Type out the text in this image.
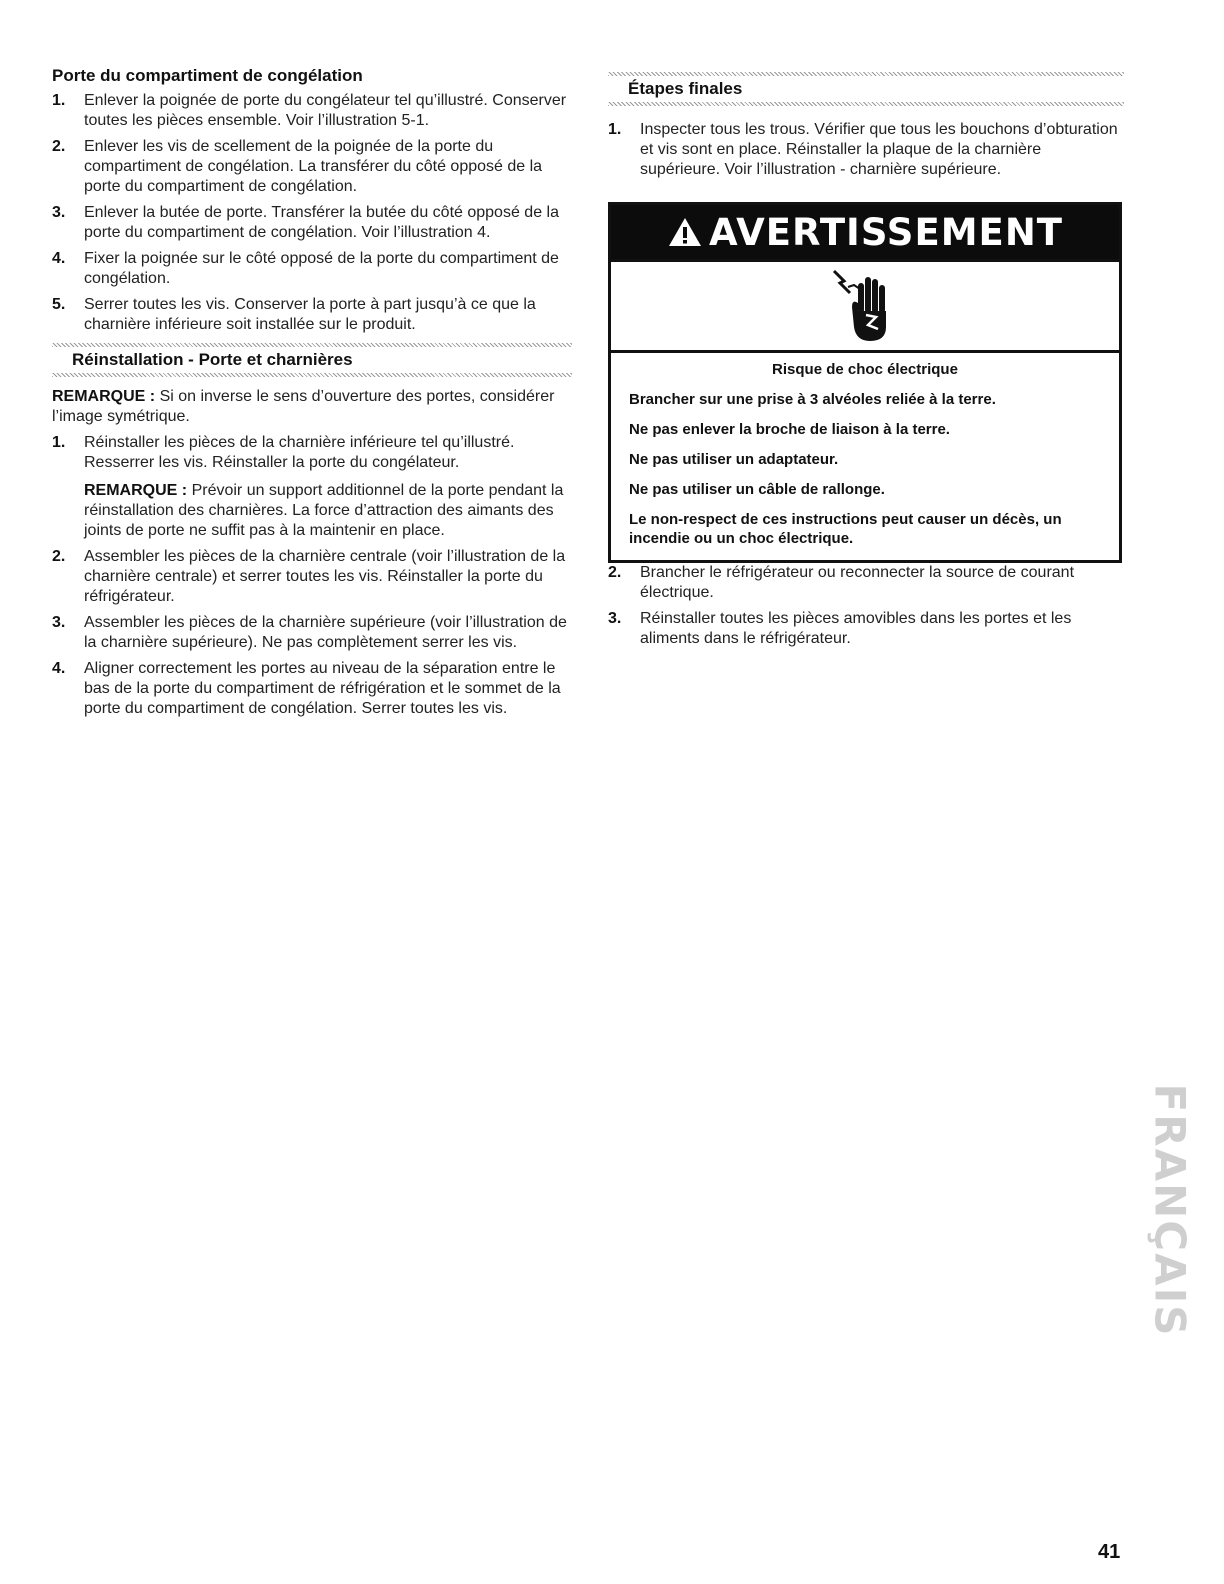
Porte du compartiment de congélation
1. Enlever la poignée de porte du congélateur tel qu’illustré. Conserver toutes les pièces ensemble. Voir l’illustration 5-1.
2. Enlever les vis de scellement de la poignée de la porte du compartiment de congélation. La transférer du côté opposé de la porte du compartiment de congélation.
3. Enlever la butée de porte. Transférer la butée du côté opposé de la porte du compartiment de congélation. Voir l’illustration 4.
4. Fixer la poignée sur le côté opposé de la porte du compartiment de congélation.
5. Serrer toutes les vis. Conserver la porte à part jusqu’à ce que la charnière inférieure soit installée sur le produit.
Réinstallation - Porte et charnières
REMARQUE : Si on inverse le sens d’ouverture des portes, considérer l’image symétrique.
1. Réinstaller les pièces de la charnière inférieure tel qu’illustré. Resserrer les vis. Réinstaller la porte du congélateur.
REMARQUE : Prévoir un support additionnel de la porte pendant la réinstallation des charnières. La force d’attraction des aimants des joints de porte ne suffit pas à la maintenir en place.
2. Assembler les pièces de la charnière centrale (voir l’illustration de la charnière centrale) et serrer toutes les vis. Réinstaller la porte du réfrigérateur.
3. Assembler les pièces de la charnière supérieure (voir l’illustration de la charnière supérieure). Ne pas complètement serrer les vis.
4. Aligner correctement les portes au niveau de la séparation entre le bas de la porte du compartiment de réfrigération et le sommet de la porte du compartiment de congélation. Serrer toutes les vis.
Étapes finales
1. Inspecter tous les trous. Vérifier que tous les bouchons d’obturation et vis sont en place. Réinstaller la plaque de la charnière supérieure. Voir l’illustration - charnière supérieure.
AVERTISSEMENT
Risque de choc électrique

Brancher sur une prise à 3 alvéoles reliée à la terre.

Ne pas enlever la broche de liaison à la terre.

Ne pas utiliser un adaptateur.

Ne pas utiliser un câble de rallonge.

Le non-respect de ces instructions peut causer un décès, un incendie ou un choc électrique.

2. Brancher le réfrigérateur ou reconnecter la source de courant électrique.
3. Réinstaller toutes les pièces amovibles dans les portes et les aliments dans le réfrigérateur.
FRANÇAIS
41
